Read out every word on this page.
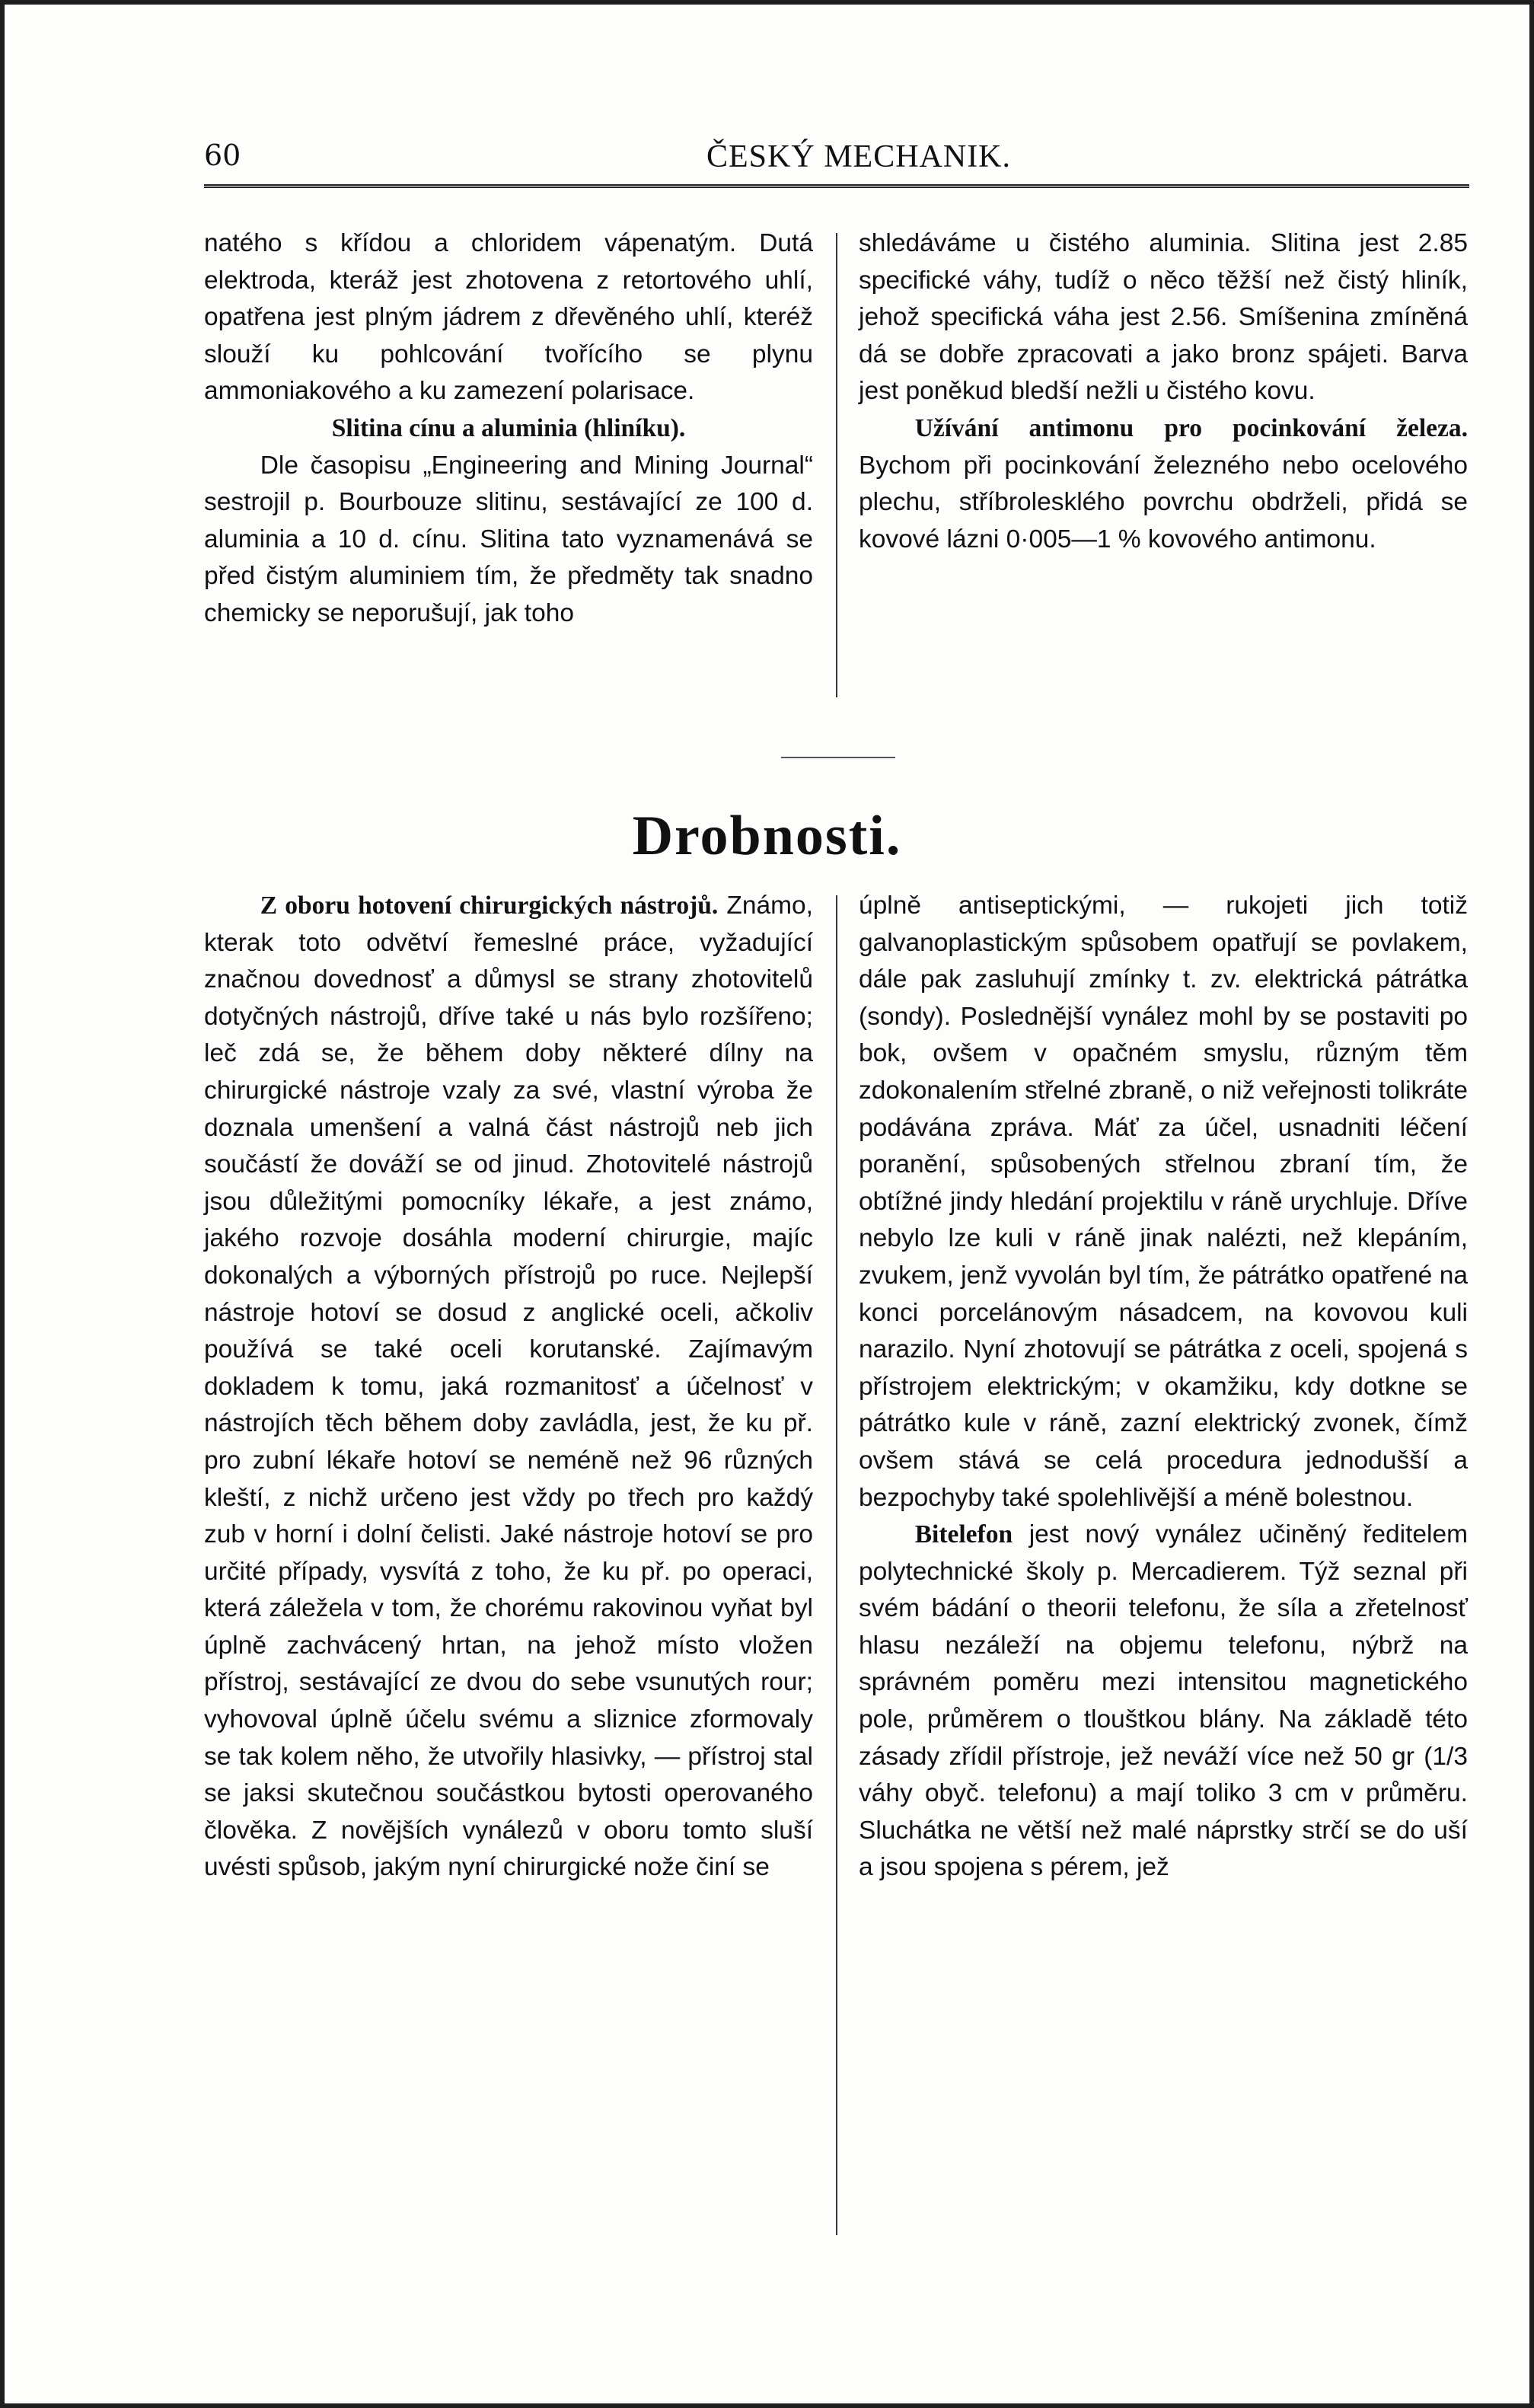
60	ČESKÝ MECHANIK.

natého s křídou a chloridem vápenatým. Dutá elektroda, kteráž jest zhotovena z retortového uhlí, opatřena jest plným jádrem z dřevěného uhlí, kteréž slouží ku pohlcování tvořícího se plynu ammoniakového a ku zamezení polarisace.

Slitina cínu a aluminia (hliníku).

Dle časopisu „Engineering and Mining Journal“ sestrojil p. Bourbouze slitinu, sestávající ze 100 d. aluminia a 10 d. cínu. Slitina tato vyznamenává se před čistým aluminiem tím, že předměty tak snadno chemicky se neporušují, jak toho

shledáváme u čistého aluminia. Slitina jest 2.85 specifické váhy, tudíž o něco těžší než čistý hliník, jehož specifická váha jest 2.56. Smíšenina zmíněná dá se dobře zpracovati a jako bronz spájeti. Barva jest poněkud bledší nežli u čistého kovu.

Užívání antimonu pro pocinkování železa. Bychom při pocinkování železného nebo ocelového plechu, stříbrolesklého povrchu obdrželi, přidá se kovové lázni 0·005—1 % kovového antimonu.

Drobnosti.

Z oboru hotovení chirurgických nástrojů. Známo, kterak toto odvětví řemeslné práce, vyžadující značnou dovednosť a důmysl se strany zhotovitelů dotyčných nástrojů, dříve také u nás bylo rozšířeno; leč zdá se, že během doby některé dílny na chirurgické nástroje vzaly za své, vlastní výroba že doznala umenšení a valná část nástrojů neb jich součástí že dováží se od jinud. Zhotovitelé nástrojů jsou důležitými pomocníky lékaře, a jest známo, jakého rozvoje dosáhla moderní chirurgie, majíc dokonalých a výborných přístrojů po ruce. Nejlepší nástroje hotoví se dosud z anglické oceli, ačkoliv používá se také oceli korutanské. Zajímavým dokladem k tomu, jaká rozmanitosť a účelnosť v nástrojích těch během doby zavládla, jest, že ku př. pro zubní lékaře hotoví se neméně než 96 různých kleští, z nichž určeno jest vždy po třech pro každý zub v horní i dolní čelisti. Jaké nástroje hotoví se pro určité případy, vysvítá z toho, že ku př. po operaci, která záležela v tom, že chorému rakovinou vyňat byl úplně zachvácený hrtan, na jehož místo vložen přístroj, sestávající ze dvou do sebe vsunutých rour; vyhovoval úplně účelu svému a sliznice zformovaly se tak kolem něho, že utvořily hlasivky, — přístroj stal se jaksi skutečnou součástkou bytosti operovaného člověka. Z novějších vynálezů v oboru tomto sluší uvésti spůsob, jakým nyní chirurgické nože činí se

úplně antiseptickými, — rukojeti jich totiž galvanoplastickým spůsobem opatřují se povlakem, dále pak zasluhují zmínky t. zv. elektrická pátrátka (sondy). Poslednější vynález mohl by se postaviti po bok, ovšem v opačném smyslu, různým těm zdokonalením střelné zbraně, o niž veřejnosti tolikráte podávána zpráva. Máť za účel, usnadniti léčení poranění, spůsobených střelnou zbraní tím, že obtížné jindy hledání projektilu v ráně urychluje. Dříve nebylo lze kuli v ráně jinak nalézti, než klepáním, zvukem, jenž vyvolán byl tím, že pátrátko opatřené na konci porcelánovým násadcem, na kovovou kuli narazilo. Nyní zhotovují se pátrátka z oceli, spojená s přístrojem elektrickým; v okamžiku, kdy dotkne se pátrátko kule v ráně, zazní elektrický zvonek, čímž ovšem stává se celá procedura jednodušší a bezpochyby také spolehlivější a méně bolestnou.

Bitelefon jest nový vynález učiněný ředitelem polytechnické školy p. Mercadierem. Týž seznal při svém bádání o theorii telefonu, že síla a zřetelnosť hlasu nezáleží na objemu telefonu, nýbrž na správném poměru mezi intensitou magnetického pole, průměrem o tlouštkou blány. Na základě této zásady zřídil přístroje, jež neváží více než 50 gr (1/3 váhy obyč. telefonu) a mají toliko 3 cm v průměru. Sluchátka ne větší než malé náprstky strčí se do uší a jsou spojena s pérem, jež
